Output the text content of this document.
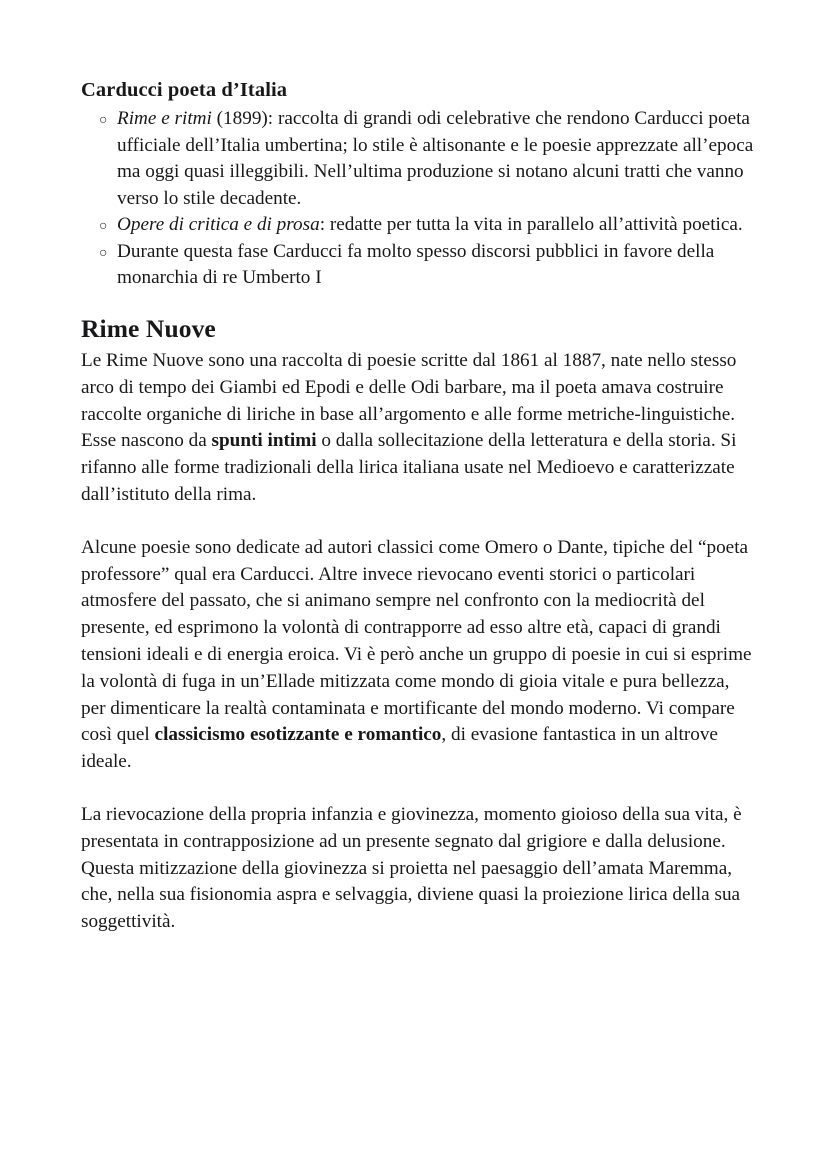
Carducci poeta d’Italia
○ Rime e ritmi (1899): raccolta di grandi odi celebrative che rendono Carducci poeta ufficiale dell’Italia umbertina; lo stile è altisonante e le poesie apprezzate all’epoca ma oggi quasi illeggibili. Nell’ultima produzione si notano alcuni tratti che vanno verso lo stile decadente.
○ Opere di critica e di prosa: redatte per tutta la vita in parallelo all’attività poetica.
○ Durante questa fase Carducci fa molto spesso discorsi pubblici in favore della monarchia di re Umberto I
Rime Nuove

Le Rime Nuove sono una raccolta di poesie scritte dal 1861 al 1887, nate nello stesso arco di tempo dei Giambi ed Epodi e delle Odi barbare, ma il poeta amava costruire raccolte organiche di liriche in base all’argomento e alle forme metriche-linguistiche. Esse nascono da spunti intimi o dalla sollecitazione della letteratura e della storia. Si rifanno alle forme tradizionali della lirica italiana usate nel Medioevo e caratterizzate dall’istituto della rima.

Alcune poesie sono dedicate ad autori classici come Omero o Dante, tipiche del “poeta professore” qual era Carducci. Altre invece rievocano eventi storici o particolari atmosfere del passato, che si animano sempre nel confronto con la mediocrità del presente, ed esprimono la volontà di contrapporre ad esso altre età, capaci di grandi tensioni ideali e di energia eroica. Vi è però anche un gruppo di poesie in cui si esprime la volontà di fuga in un’Ellade mitizzata come mondo di gioia vitale e pura bellezza, per dimenticare la realtà contaminata e mortificante del mondo moderno. Vi compare così quel classicismo esotizzante e romantico, di evasione fantastica in un altrove ideale.

La rievocazione della propria infanzia e giovinezza, momento gioioso della sua vita, è presentata in contrapposizione ad un presente segnato dal grigiore e dalla delusione. Questa mitizzazione della giovinezza si proietta nel paesaggio dell’amata Maremma, che, nella sua fisionomia aspra e selvaggia, diviene quasi la proiezione lirica della sua soggettività.
